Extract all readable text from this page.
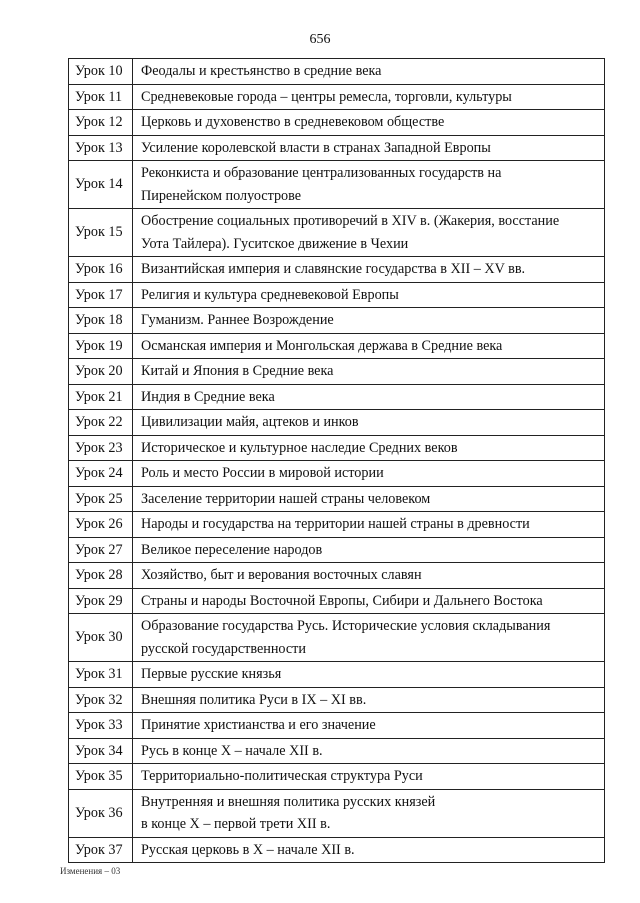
656
Урок 10	Феодалы и крестьянство в средние века
Урок 11	Средневековые города – центры ремесла, торговли, культуры
Урок 12	Церковь и духовенство в средневековом обществе
Урок 13	Усиление королевской власти в странах Западной Европы
Урок 14	Реконкиста и образование централизованных государств на
Пиренейском полуострове
Урок 15	Обострение социальных противоречий в XIV в. (Жакерия, восстание
Уота Тайлера). Гуситское движение в Чехии
Урок 16	Византийская империя и славянские государства в XII – XV вв.
Урок 17	Религия и культура средневековой Европы
Урок 18	Гуманизм. Раннее Возрождение
Урок 19	Османская империя и Монгольская держава в Средние века
Урок 20	Китай и Япония в Средние века
Урок 21	Индия в Средние века
Урок 22	Цивилизации майя, ацтеков и инков
Урок 23	Историческое и культурное наследие Средних веков
Урок 24	Роль и место России в мировой истории
Урок 25	Заселение территории нашей страны человеком
Урок 26	Народы и государства на территории нашей страны в древности
Урок 27	Великое переселение народов
Урок 28	Хозяйство, быт и верования восточных славян
Урок 29	Страны и народы Восточной Европы, Сибири и Дальнего Востока
Урок 30	Образование государства Русь. Исторические условия складывания
русской государственности
Урок 31	Первые русские князья
Урок 32	Внешняя политика Руси в IX – XI вв.
Урок 33	Принятие христианства и его значение
Урок 34	Русь в конце X – начале XII в.
Урок 35	Территориально-политическая структура Руси
Урок 36	Внутренняя и внешняя политика русских князей
в конце X – первой трети XII в.
Урок 37	Русская церковь в X – начале XII в.
Изменения – 03
